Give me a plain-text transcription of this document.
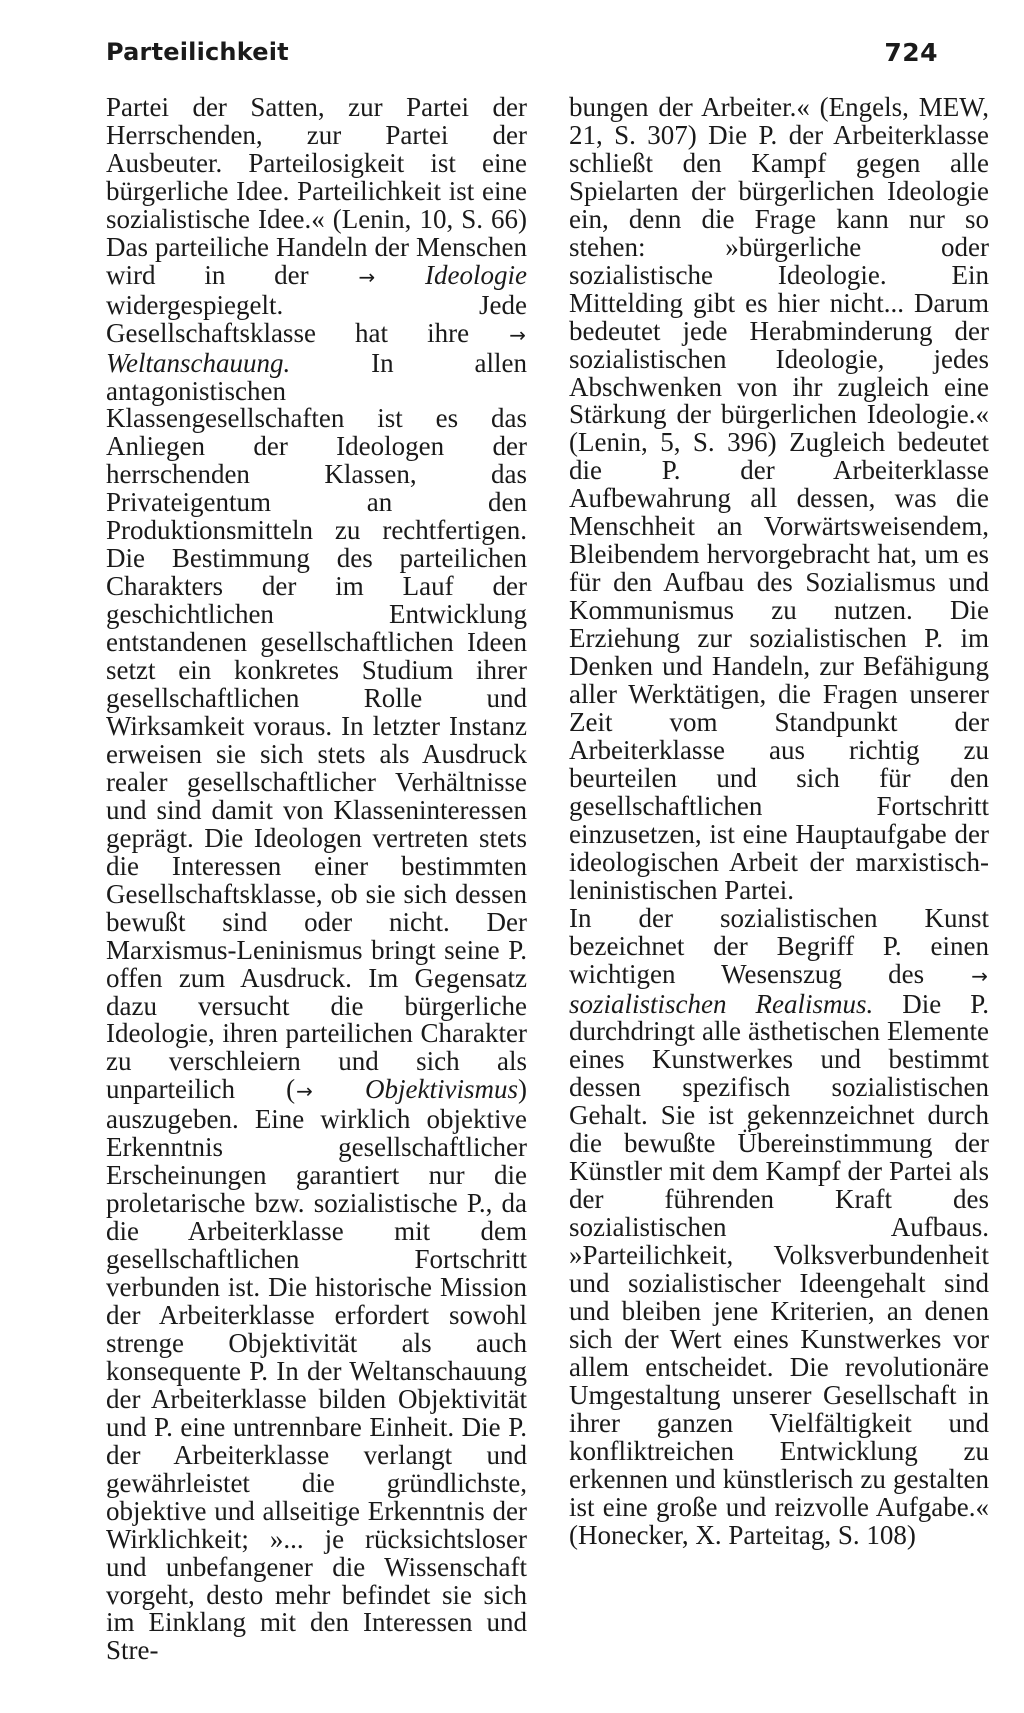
Parteilichkeit	724

Partei der Satten, zur Partei der Herrschenden, zur Partei der Ausbeuter. Parteilosigkeit ist eine bürgerliche Idee. Parteilichkeit ist eine sozialistische Idee.« (Lenin, 10, S. 66) Das parteiliche Handeln der Menschen wird in der → Ideologie widergespiegelt. Jede Gesellschaftsklasse hat ihre → Weltanschauung.	In allen antagonistischen Klassengesellschaften ist es das Anliegen der Ideologen der herrschenden Klassen, das Privateigentum an den Produktionsmitteln zu rechtfertigen. Die Bestimmung des parteilichen Charakters der im Lauf der geschichtlichen Entwicklung entstandenen gesellschaftlichen Ideen setzt ein konkretes Studium ihrer gesellschaftlichen Rolle und Wirksamkeit voraus. In letzter Instanz erweisen sie sich stets als Ausdruck realer gesellschaftlicher Verhältnisse und sind damit von Klasseninteressen geprägt. Die Ideologen vertreten stets die Interessen einer bestimmten Gesellschaftsklasse, ob sie sich dessen bewußt sind oder nicht. Der Marxismus-Leninismus bringt seine P. offen zum Ausdruck. Im Gegensatz dazu versucht die bürgerliche Ideologie, ihren parteilichen Charakter zu verschleiern und sich als unparteilich (→ Objektivismus) auszugeben. Eine wirklich objektive Erkenntnis gesellschaftlicher Erscheinungen garantiert nur die proletarische bzw. sozialistische P., da die Arbeiterklasse mit dem gesellschaftlichen Fortschritt verbunden ist. Die historische Mission der Arbeiterklasse erfordert sowohl strenge Objektivität als auch konsequente P. In der Weltanschauung der Arbeiterklasse bilden Objektivität und P. eine untrennbare Einheit. Die P. der Arbeiterklasse verlangt und gewährleistet die gründlichste, objektive und allseitige Erkenntnis der Wirklichkeit; »... je rücksichtsloser und unbefangener die Wissenschaft vorgeht, desto mehr befindet sie sich im Einklang mit den Interessen und Stre-

bungen der Arbeiter.« (Engels, MEW, 21, S. 307) Die P. der Arbeiterklasse schließt den Kampf gegen alle Spielarten der bürgerlichen Ideologie ein, denn die Frage kann nur so stehen: »bürgerliche oder sozialistische Ideologie. Ein Mittelding gibt es hier nicht... Darum bedeutet jede Herabminderung der sozialistischen Ideologie, jedes Abschwenken von ihr zugleich eine Stärkung der bürgerlichen Ideologie.« (Lenin, 5, S. 396) Zugleich bedeutet die P. der Arbeiterklasse Aufbewahrung all dessen, was die Menschheit an Vorwärtsweisendem, Bleibendem hervorgebracht hat, um es für den Aufbau des Sozialismus und Kommunismus zu nutzen. Die Erziehung zur sozialistischen P. im Denken und Handeln, zur Befähigung aller Werktätigen, die Fragen unserer Zeit vom Standpunkt der Arbeiterklasse aus richtig zu beurteilen und sich für den gesellschaftlichen Fortschritt einzusetzen, ist eine Hauptaufgabe der ideologischen Arbeit der marxistisch-leninistischen Partei.

In der sozialistischen Kunst bezeichnet der Begriff P. einen wichtigen Wesenszug des → sozialistischen Realismus. Die P. durchdringt alle ästhetischen Elemente eines Kunstwerkes und bestimmt dessen spezifisch sozialistischen Gehalt. Sie ist gekennzeichnet durch die bewußte Übereinstimmung der Künstler mit dem Kampf der Partei als der führenden Kraft des sozialistischen Aufbaus. »Parteilichkeit, Volksverbundenheit und sozialistischer Ideengehalt sind und bleiben jene Kriterien, an denen sich der Wert eines Kunstwerkes vor allem entscheidet. Die revolutionäre Umgestaltung unserer Gesellschaft in ihrer ganzen Vielfältigkeit und konfliktreichen Entwicklung zu erkennen und künstlerisch zu gestalten ist eine große und reizvolle Aufgabe.« (Honecker, X. Parteitag, S. 108)
